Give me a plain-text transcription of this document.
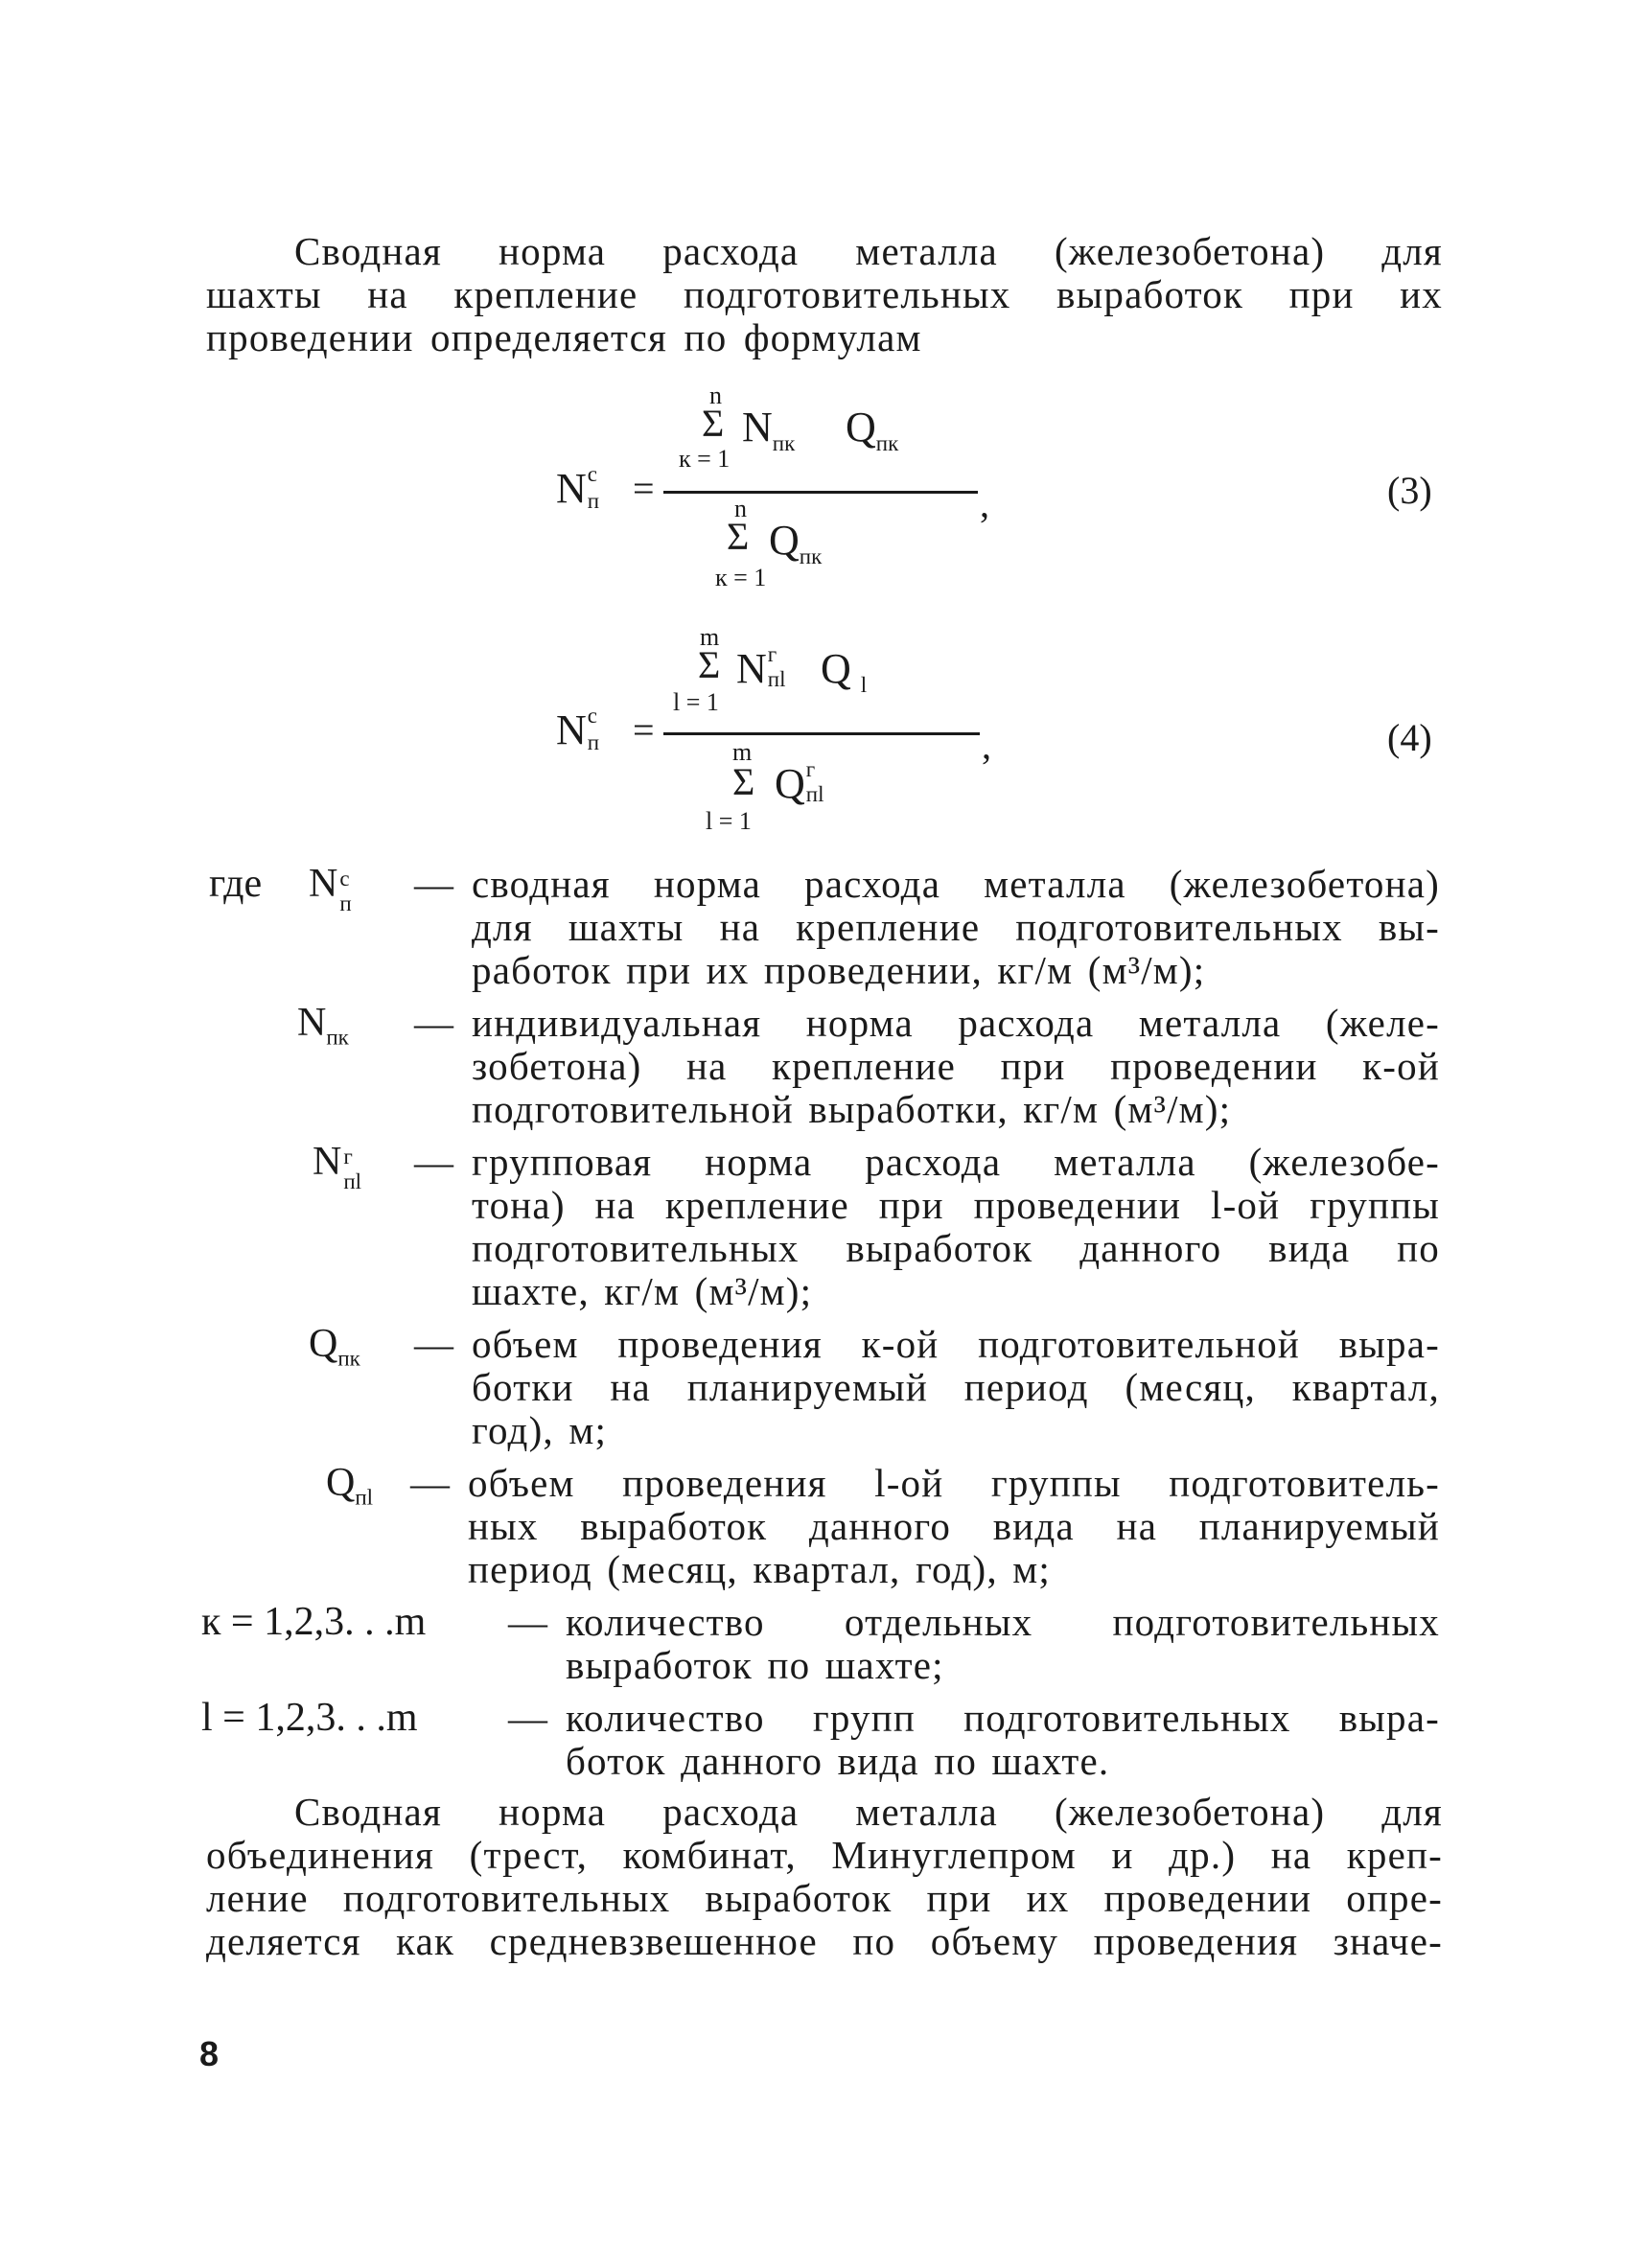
Сводная норма расхода металла (железобетона) для
шахты на крепление подготовительных выработок при их
проведении определяется по формулам
N c
п =
n
Σ
к = 1
$N_{пк}$ $Q_{пк}$
,
n
Σ
к = 1
$Q_{пк}$
(3)
N c
п =
m
Σ
l = 1
N г
пl Q $_l$
,
m
Σ
l = 1
Q г
пl
(4)
где N c
п — сводная норма расхода металла (железобетона)
для шахты на крепление подготовительных вы-
работок при их проведении, кг/м (м³/м);
$N_{пк}$ — индивидуальная норма расхода металла (желе-
зобетона) на крепление при проведении к-ой
подготовительной выработки, кг/м (м³/м);
N г
пl — групповая норма расхода металла (железобе-
тона) на крепление при проведении l-ой группы
подготовительных выработок данного вида по
шахте, кг/м (м³/м);
$Q_{пк}$ — объем проведения к-ой подготовительной выра-
ботки на планируемый период (месяц, квартал,
год), м;
$Q_{пl}$ — объем проведения l-ой группы подготовитель-
ных выработок данного вида на планируемый
период (месяц, квартал, год), м;
к = 1,2,3. . .m — количество отдельных подготовительных
выработок по шахте;
l = 1,2,3. . .m — количество групп подготовительных выра-
боток данного вида по шахте.
Сводная норма расхода металла (железобетона) для
объединения (трест, комбинат, Минуглепром и др.) на креп-
ление подготовительных выработок при их проведении опре-
деляется как средневзвешенное по объему проведения значе-
8
